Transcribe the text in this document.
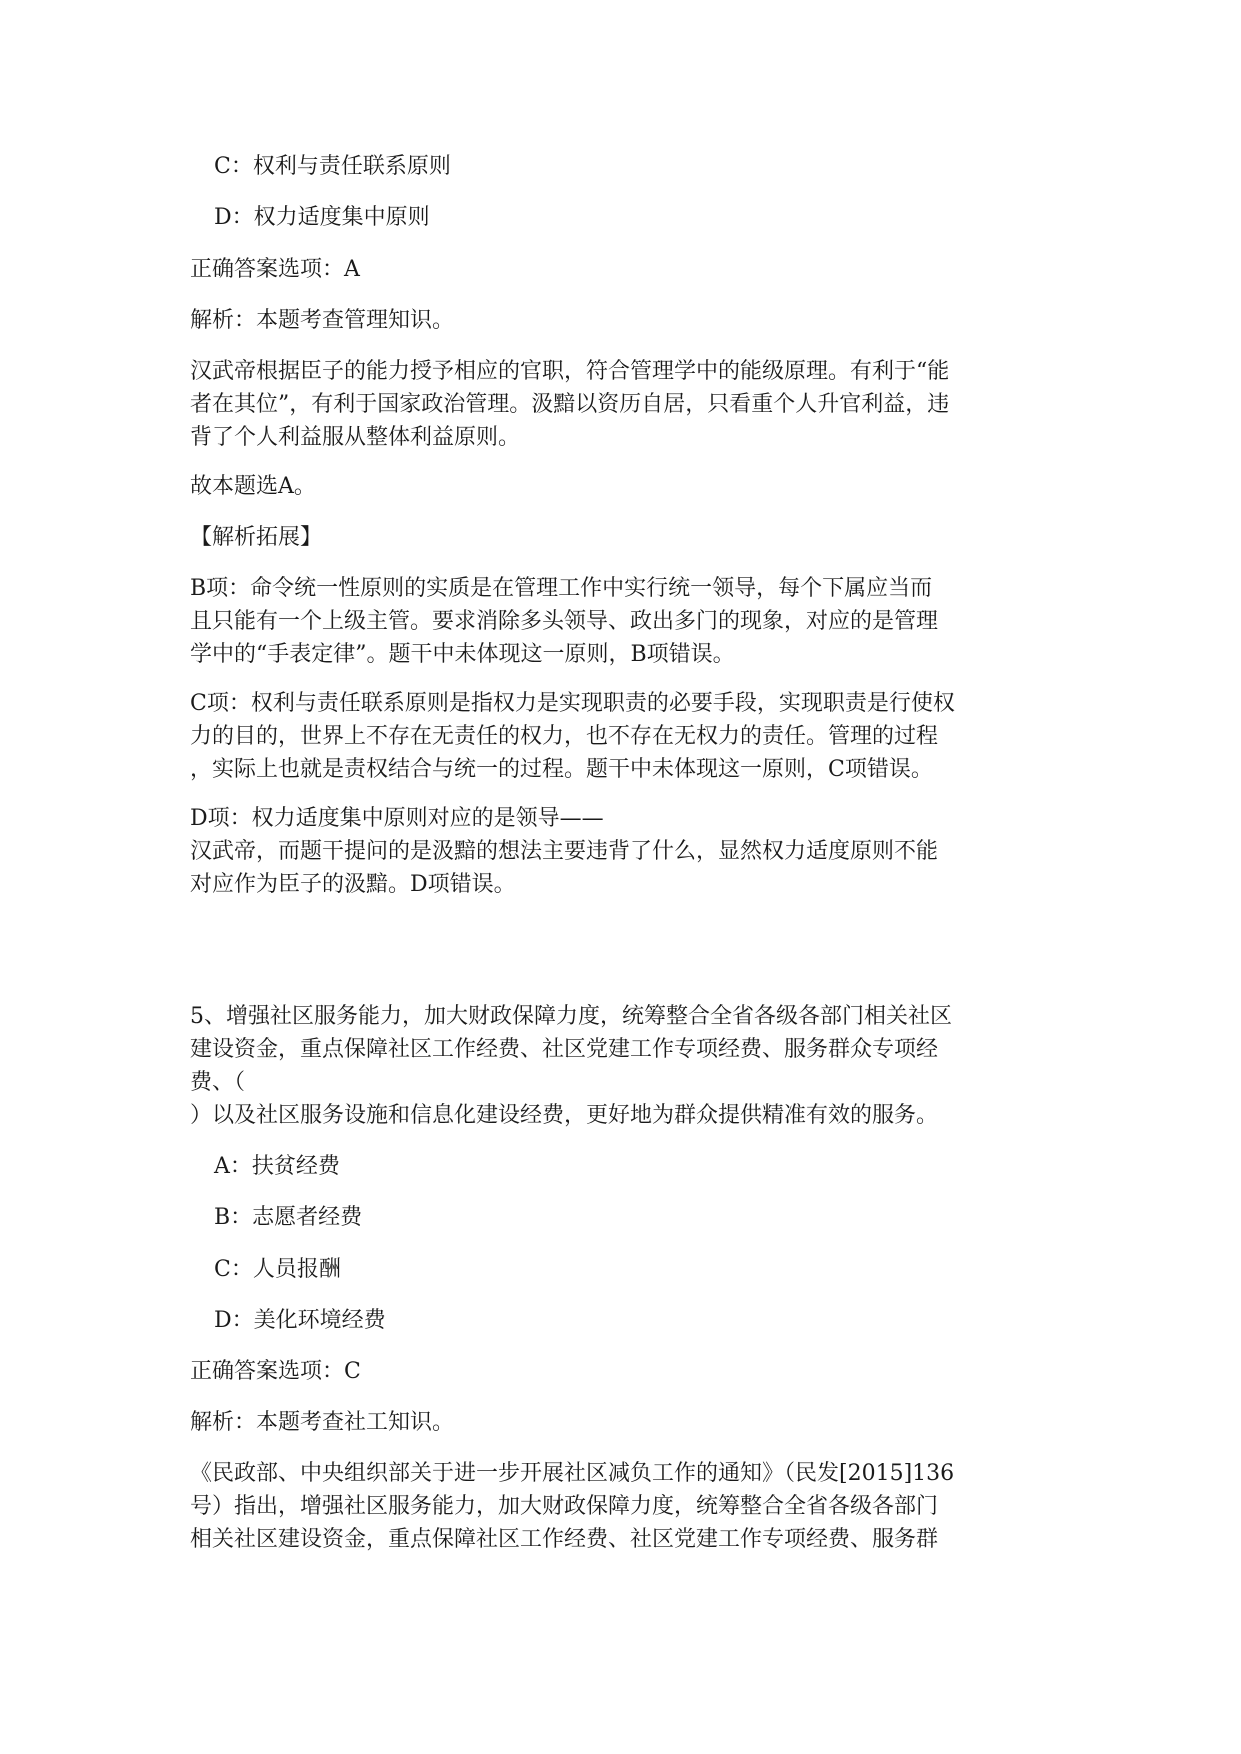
C：权利与责任联系原则
D：权力适度集中原则
正确答案选项：A
解析：本题考查管理知识。
汉武帝根据臣子的能力授予相应的官职，符合管理学中的能级原理。有利于“能
者在其位”，有利于国家政治管理。汲黯以资历自居，只看重个人升官利益，违
背了个人利益服从整体利益原则。
故本题选A。
【解析拓展】
B项：命令统一性原则的实质是在管理工作中实行统一领导，每个下属应当而
且只能有一个上级主管。要求消除多头领导、政出多门的现象，对应的是管理
学中的“手表定律”。题干中未体现这一原则，B项错误。
C项：权利与责任联系原则是指权力是实现职责的必要手段，实现职责是行使权
力的目的，世界上不存在无责任的权力，也不存在无权力的责任。管理的过程
，实际上也就是责权结合与统一的过程。题干中未体现这一原则，C项错误。
D项：权力适度集中原则对应的是领导——
汉武帝，而题干提问的是汲黯的想法主要违背了什么，显然权力适度原则不能
对应作为臣子的汲黯。D项错误。
5、增强社区服务能力，加大财政保障力度，统筹整合全省各级各部门相关社区
建设资金，重点保障社区工作经费、社区党建工作专项经费、服务群众专项经
费、（
）以及社区服务设施和信息化建设经费，更好地为群众提供精准有效的服务。
A：扶贫经费
B：志愿者经费
C：人员报酬
D：美化环境经费
正确答案选项：C
解析：本题考查社工知识。
《民政部、中央组织部关于进一步开展社区减负工作的通知》（民发[2015]136
号）指出，增强社区服务能力，加大财政保障力度，统筹整合全省各级各部门
相关社区建设资金，重点保障社区工作经费、社区党建工作专项经费、服务群
